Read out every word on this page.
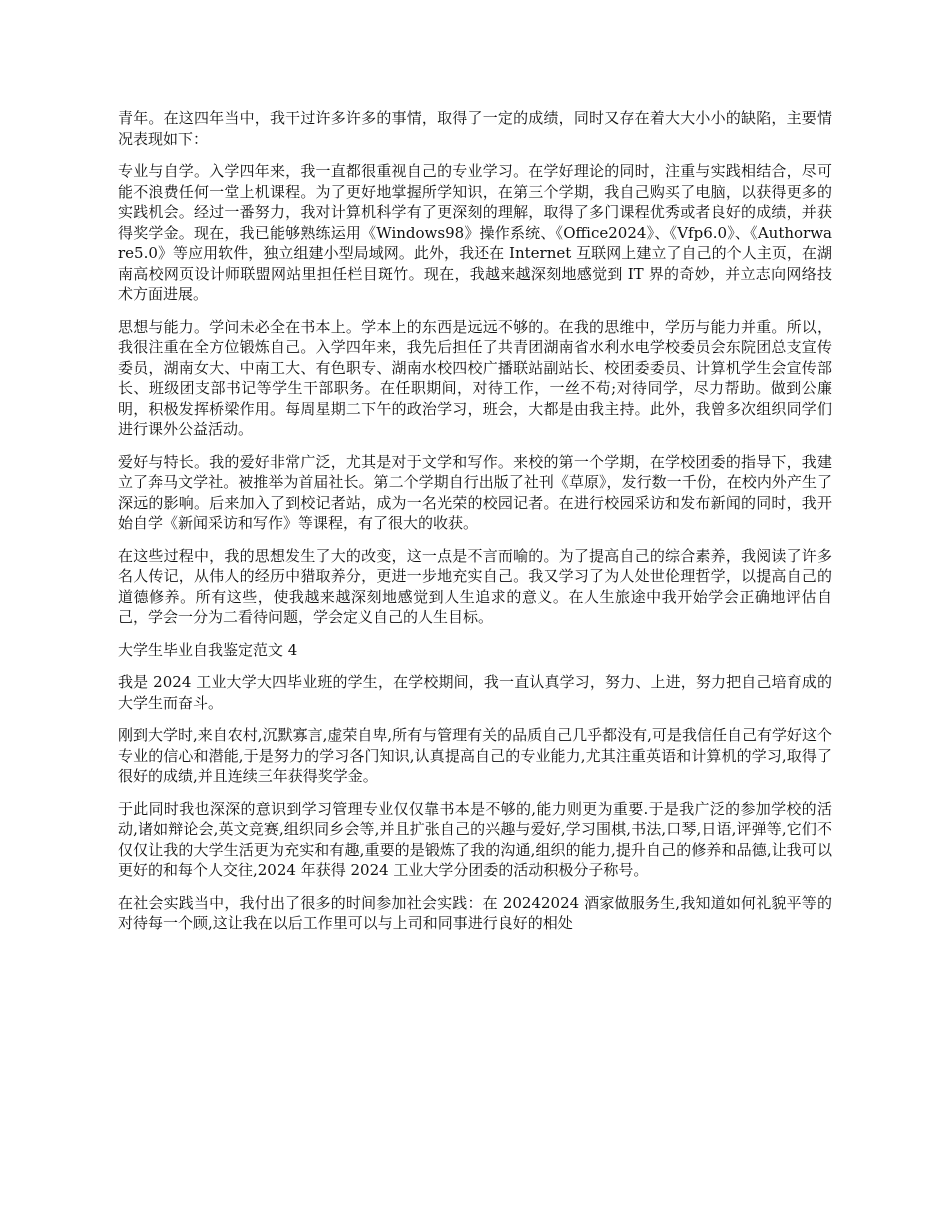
青年。在这四年当中，我干过许多许多的事情，取得了一定的成绩，同时又存在着大大小小的缺陷，主要情况表现如下：

专业与自学。入学四年来，我一直都很重视自己的专业学习。在学好理论的同时，注重与实践相结合，尽可能不浪费任何一堂上机课程。为了更好地掌握所学知识，在第三个学期，我自己购买了电脑，以获得更多的实践机会。经过一番努力，我对计算机科学有了更深刻的理解，取得了多门课程优秀或者良好的成绩，并获得奖学金。现在，我已能够熟练运用《Windows98》操作系统、《Office2024》、《Vfp6.0》、《Authorware5.0》等应用软件，独立组建小型局域网。此外，我还在 Internet 互联网上建立了自己的个人主页，在湖南高校网页设计师联盟网站里担任栏目斑竹。现在，我越来越深刻地感觉到 IT 界的奇妙，并立志向网络技术方面进展。

思想与能力。学问未必全在书本上。学本上的东西是远远不够的。在我的思维中，学历与能力并重。所以，我很注重在全方位锻炼自己。入学四年来，我先后担任了共青团湖南省水利水电学校委员会东院团总支宣传委员，湖南女大、中南工大、有色职专、湖南水校四校广播联站副站长、校团委委员、计算机学生会宣传部长、班级团支部书记等学生干部职务。在任职期间，对待工作，一丝不苟;对待同学，尽力帮助。做到公廉明，积极发挥桥梁作用。每周星期二下午的政治学习，班会，大都是由我主持。此外，我曾多次组织同学们进行课外公益活动。

爱好与特长。我的爱好非常广泛，尤其是对于文学和写作。来校的第一个学期，在学校团委的指导下，我建立了奔马文学社。被推举为首届社长。第二个学期自行出版了社刊《草原》，发行数一千份，在校内外产生了深远的影响。后来加入了到校记者站，成为一名光荣的校园记者。在进行校园采访和发布新闻的同时，我开始自学《新闻采访和写作》等课程，有了很大的收获。

在这些过程中，我的思想发生了大的改变，这一点是不言而喻的。为了提高自己的综合素养，我阅读了许多名人传记，从伟人的经历中猎取养分，更进一步地充实自己。我又学习了为人处世伦理哲学，以提高自己的道德修养。所有这些，使我越来越深刻地感觉到人生追求的意义。在人生旅途中我开始学会正确地评估自己，学会一分为二看待问题，学会定义自己的人生目标。

大学生毕业自我鉴定范文 4

我是 2024 工业大学大四毕业班的学生，在学校期间，我一直认真学习，努力、上进，努力把自己培育成的大学生而奋斗。

刚到大学时,来自农村,沉默寡言,虚荣自卑,所有与管理有关的品质自己几乎都没有,可是我信任自己有学好这个专业的信心和潜能,于是努力的学习各门知识,认真提高自己的专业能力,尤其注重英语和计算机的学习,取得了很好的成绩,并且连续三年获得奖学金。

于此同时我也深深的意识到学习管理专业仅仅靠书本是不够的,能力则更为重要.于是我广泛的参加学校的活动,诸如辩论会,英文竞赛,组织同乡会等,并且扩张自己的兴趣与爱好,学习围棋,书法,口琴,日语,评弹等,它们不仅仅让我的大学生活更为充实和有趣,重要的是锻炼了我的沟通,组织的能力,提升自己的修养和品德,让我可以更好的和每个人交往,2024 年获得 2024 工业大学分团委的活动积极分子称号。

在社会实践当中，我付出了很多的时间参加社会实践：在 20242024 酒家做服务生,我知道如何礼貌平等的对待每一个顾,这让我在以后工作里可以与上司和同事进行良好的相处
